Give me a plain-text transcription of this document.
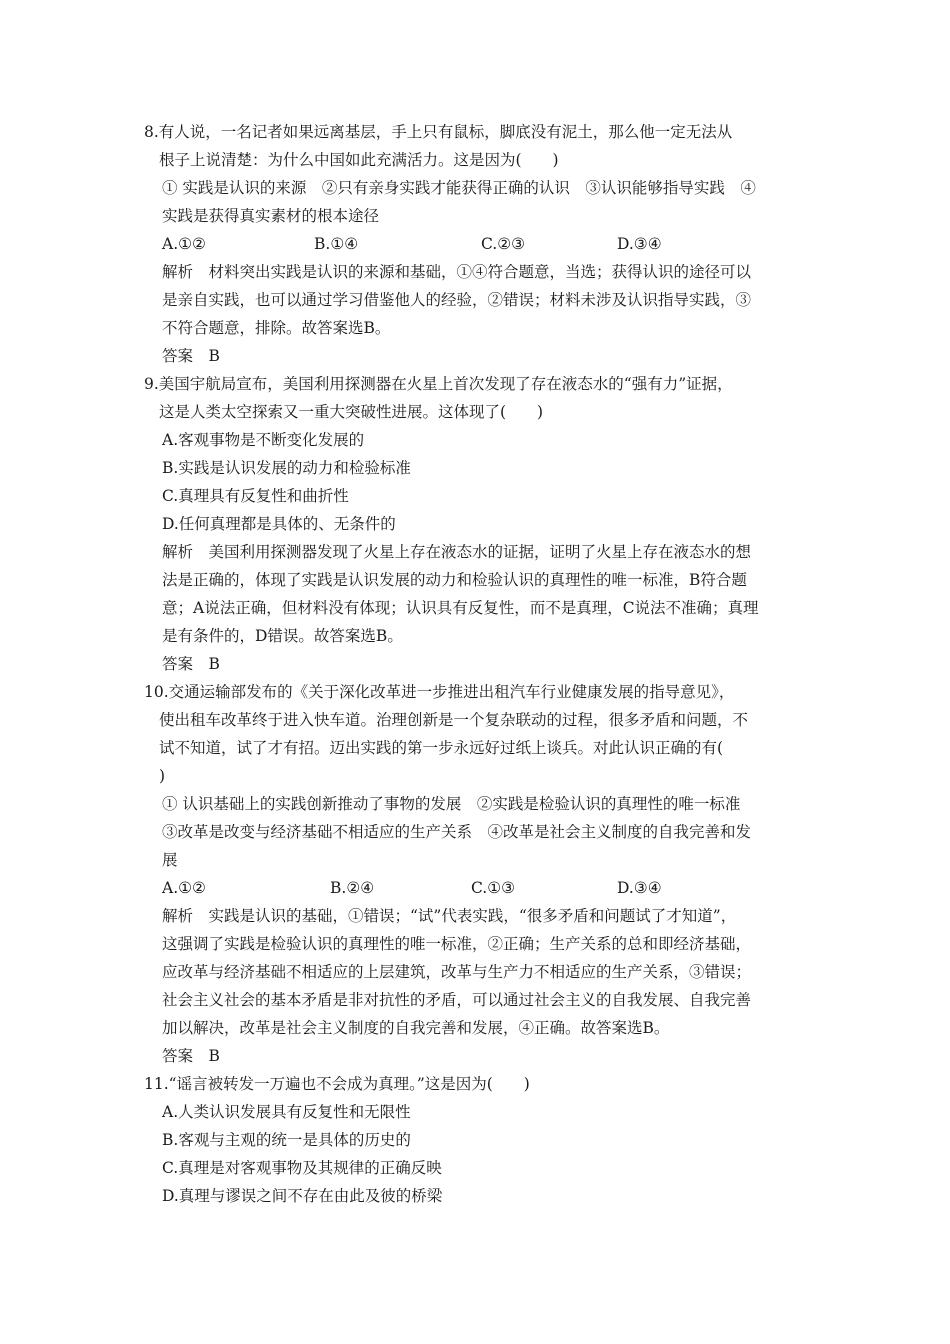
8.有人说，一名记者如果远离基层，手上只有鼠标，脚底没有泥土，那么他一定无法从
根子上说清楚：为什么中国如此充满活力。这是因为(　　)
① 实践是认识的来源　②只有亲身实践才能获得正确的认识　③认识能够指导实践　④
实践是获得真实素材的根本途径
A.①②	B.①④	C.②③	D.③④
解析　材料突出实践是认识的来源和基础，①④符合题意，当选；获得认识的途径可以
是亲自实践，也可以通过学习借鉴他人的经验，②错误；材料未涉及认识指导实践，③
不符合题意，排除。故答案选B。
答案　B
9.美国宇航局宣布，美国利用探测器在火星上首次发现了存在液态水的“强有力”证据，
这是人类太空探索又一重大突破性进展。这体现了(　　)
A.客观事物是不断变化发展的
B.实践是认识发展的动力和检验标准
C.真理具有反复性和曲折性
D.任何真理都是具体的、无条件的
解析　美国利用探测器发现了火星上存在液态水的证据，证明了火星上存在液态水的想
法是正确的，体现了实践是认识发展的动力和检验认识的真理性的唯一标准，B符合题
意；A说法正确，但材料没有体现；认识具有反复性，而不是真理，C说法不准确；真理
是有条件的，D错误。故答案选B。
答案　B
10.交通运输部发布的《关于深化改革进一步推进出租汽车行业健康发展的指导意见》，
使出租车改革终于进入快车道。治理创新是一个复杂联动的过程，很多矛盾和问题，不
试不知道，试了才有招。迈出实践的第一步永远好过纸上谈兵。对此认识正确的有(
)
① 认识基础上的实践创新推动了事物的发展　②实践是检验认识的真理性的唯一标准
③改革是改变与经济基础不相适应的生产关系　④改革是社会主义制度的自我完善和发
展
A.①②	B.②④	C.①③	D.③④
解析　实践是认识的基础，①错误；“试”代表实践，“很多矛盾和问题试了才知道”，
这强调了实践是检验认识的真理性的唯一标准，②正确；生产关系的总和即经济基础，
应改革与经济基础不相适应的上层建筑，改革与生产力不相适应的生产关系，③错误；
社会主义社会的基本矛盾是非对抗性的矛盾，可以通过社会主义的自我发展、自我完善
加以解决，改革是社会主义制度的自我完善和发展，④正确。故答案选B。
答案　B
11.“谣言被转发一万遍也不会成为真理。”这是因为(　　)
A.人类认识发展具有反复性和无限性
B.客观与主观的统一是具体的历史的
C.真理是对客观事物及其规律的正确反映
D.真理与谬误之间不存在由此及彼的桥梁
